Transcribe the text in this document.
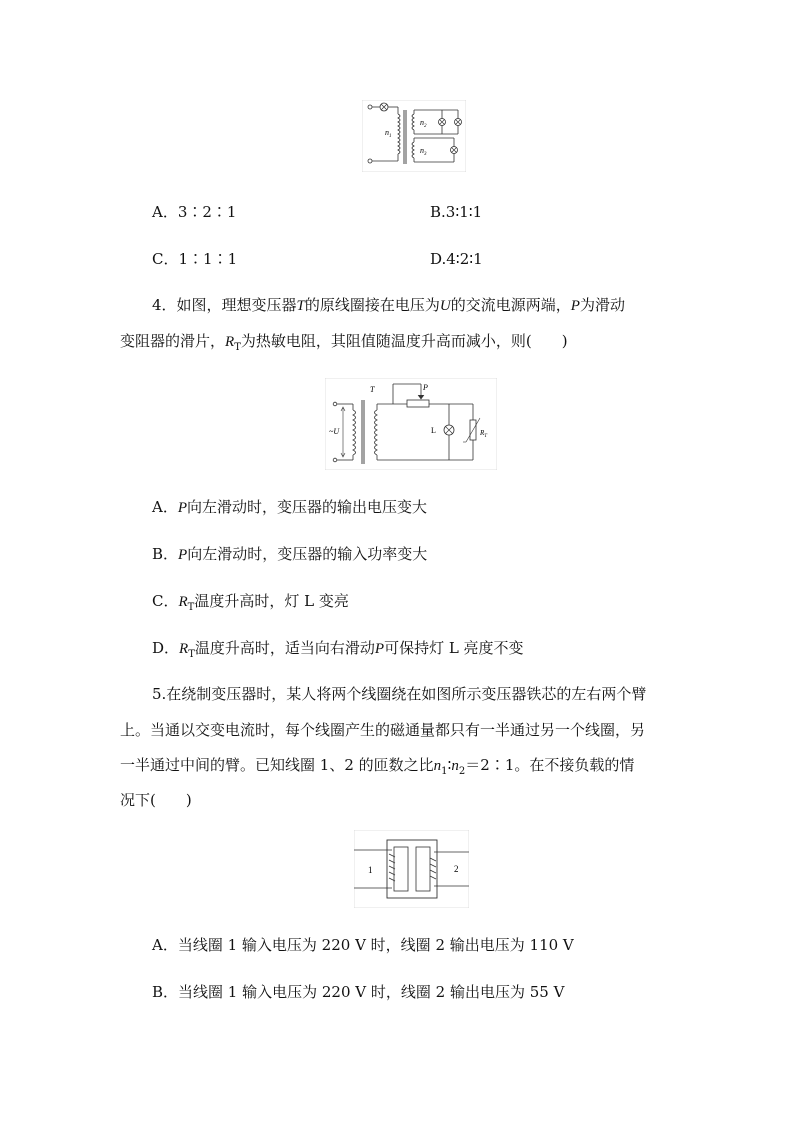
$n_1$
$n_2$
$n_3$
A．3∶2∶1	B.3∶1∶1
C．1∶1∶1	D.4∶2∶1
4．如图，理想变压器T的原线圈接在电压为U的交流电源两端，P为滑动
变阻器的滑片，$R_T$为热敏电阻，其阻值随温度升高而减小，则(　　)
~U
T	P
L	$R_T$
A．P向左滑动时，变压器的输出电压变大
B．P向左滑动时，变压器的输入功率变大
C．$R_T$温度升高时，灯 L 变亮
D．$R_T$温度升高时，适当向右滑动P可保持灯 L 亮度不变
5.在绕制变压器时，某人将两个线圈绕在如图所示变压器铁芯的左右两个臂
上。当通以交变电流时，每个线圈产生的磁通量都只有一半通过另一个线圈，另
一半通过中间的臂。已知线圈 1、2 的匝数之比$n_1∶n_2=2∶1$。在不接负载的情
况下(　　)
1	2
A．当线圈 1 输入电压为 220 V 时，线圈 2 输出电压为 110 V
B．当线圈 1 输入电压为 220 V 时，线圈 2 输出电压为 55 V
